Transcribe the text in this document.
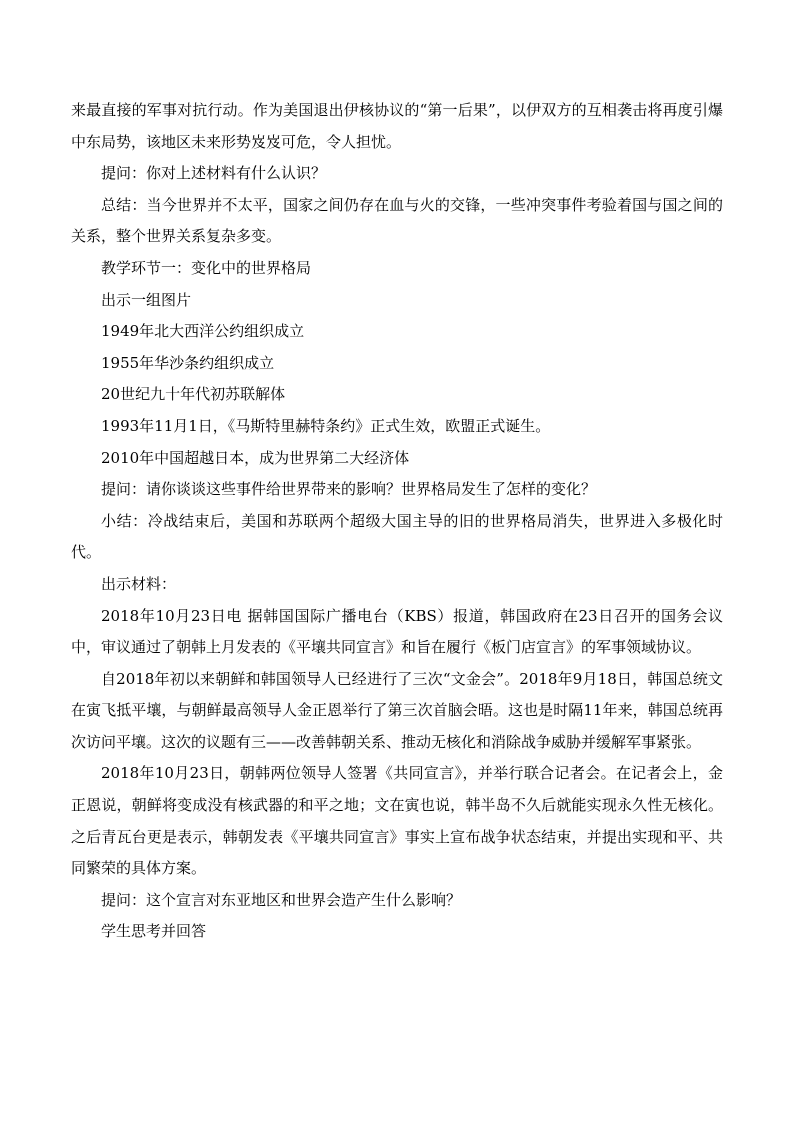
来最直接的军事对抗行动。作为美国退出伊核协议的“第一后果”，以伊双方的互相袭击将再度引爆中东局势，该地区未来形势岌岌可危，令人担忧。

提问：你对上述材料有什么认识？

总结：当今世界并不太平，国家之间仍存在血与火的交锋，一些冲突事件考验着国与国之间的关系，整个世界关系复杂多变。

教学环节一：变化中的世界格局

出示一组图片

1949年北大西洋公约组织成立

1955年华沙条约组织成立

20世纪九十年代初苏联解体

1993年11月1日，《马斯特里赫特条约》正式生效，欧盟正式诞生。

2010年中国超越日本，成为世界第二大经济体

提问：请你谈谈这些事件给世界带来的影响？世界格局发生了怎样的变化？

小结：冷战结束后，美国和苏联两个超级大国主导的旧的世界格局消失，世界进入多极化时代。

出示材料：

2018年10月23日电 据韩国国际广播电台（KBS）报道，韩国政府在23日召开的国务会议中，审议通过了朝韩上月发表的《平壤共同宣言》和旨在履行《板门店宣言》的军事领域协议。

自2018年初以来朝鲜和韩国领导人已经进行了三次“文金会”。2018年9月18日，韩国总统文在寅飞抵平壤，与朝鲜最高领导人金正恩举行了第三次首脑会晤。这也是时隔11年来，韩国总统再次访问平壤。这次的议题有三——改善韩朝关系、推动无核化和消除战争威胁并缓解军事紧张。

2018年10月23日，朝韩两位领导人签署《共同宣言》，并举行联合记者会。在记者会上，金正恩说，朝鲜将变成没有核武器的和平之地；文在寅也说，韩半岛不久后就能实现永久性无核化。之后青瓦台更是表示，韩朝发表《平壤共同宣言》事实上宣布战争状态结束，并提出实现和平、共同繁荣的具体方案。

提问：这个宣言对东亚地区和世界会造产生什么影响？

学生思考并回答
